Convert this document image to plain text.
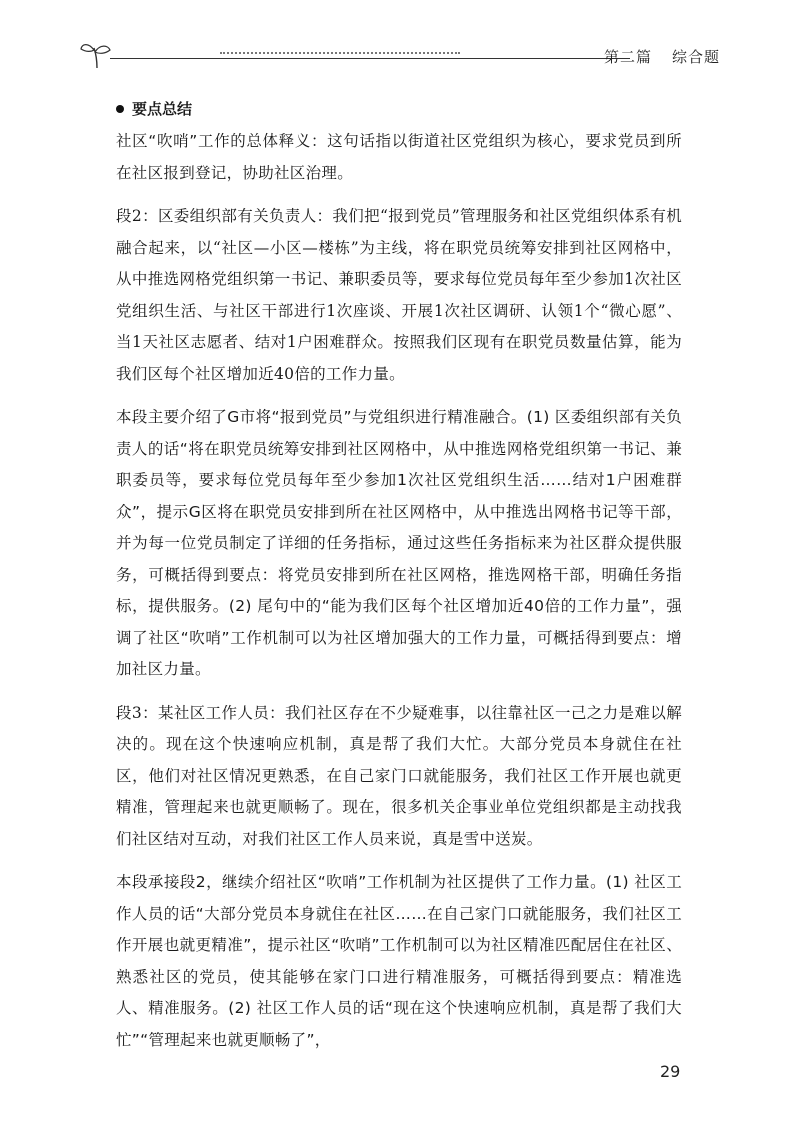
第二篇 综合题
要点总结

社区“吹哨”工作的总体释义：这句话指以街道社区党组织为核心，要求党员到所在社区报到登记，协助社区治理。

段2：区委组织部有关负责人：我们把“报到党员”管理服务和社区党组织体系有机融合起来，以“社区—小区—楼栋”为主线，将在职党员统筹安排到社区网格中，从中推选网格党组织第一书记、兼职委员等，要求每位党员每年至少参加1次社区党组织生活、与社区干部进行1次座谈、开展1次社区调研、认领1个“微心愿”、当1天社区志愿者、结对1户困难群众。按照我们区现有在职党员数量估算，能为我们区每个社区增加近40倍的工作力量。

本段主要介绍了G市将“报到党员”与党组织进行精准融合。(1) 区委组织部有关负责人的话“将在职党员统筹安排到社区网格中，从中推选网格党组织第一书记、兼职委员等，要求每位党员每年至少参加1次社区党组织生活……结对1户困难群众”，提示G区将在职党员安排到所在社区网格中，从中推选出网格书记等干部，并为每一位党员制定了详细的任务指标，通过这些任务指标来为社区群众提供服务，可概括得到要点：将党员安排到所在社区网格，推选网格干部，明确任务指标，提供服务。(2) 尾句中的“能为我们区每个社区增加近40倍的工作力量”，强调了社区“吹哨”工作机制可以为社区增加强大的工作力量，可概括得到要点：增加社区力量。

段3：某社区工作人员：我们社区存在不少疑难事，以往靠社区一己之力是难以解决的。现在这个快速响应机制，真是帮了我们大忙。大部分党员本身就住在社区，他们对社区情况更熟悉，在自己家门口就能服务，我们社区工作开展也就更精准，管理起来也就更顺畅了。现在，很多机关企事业单位党组织都是主动找我们社区结对互动，对我们社区工作人员来说，真是雪中送炭。

本段承接段2，继续介绍社区“吹哨”工作机制为社区提供了工作力量。(1) 社区工作人员的话“大部分党员本身就住在社区……在自己家门口就能服务，我们社区工作开展也就更精准”，提示社区“吹哨”工作机制可以为社区精准匹配居住在社区、熟悉社区的党员，使其能够在家门口进行精准服务，可概括得到要点：精准选人、精准服务。(2) 社区工作人员的话“现在这个快速响应机制，真是帮了我们大忙”“管理起来也就更顺畅了”，

29
